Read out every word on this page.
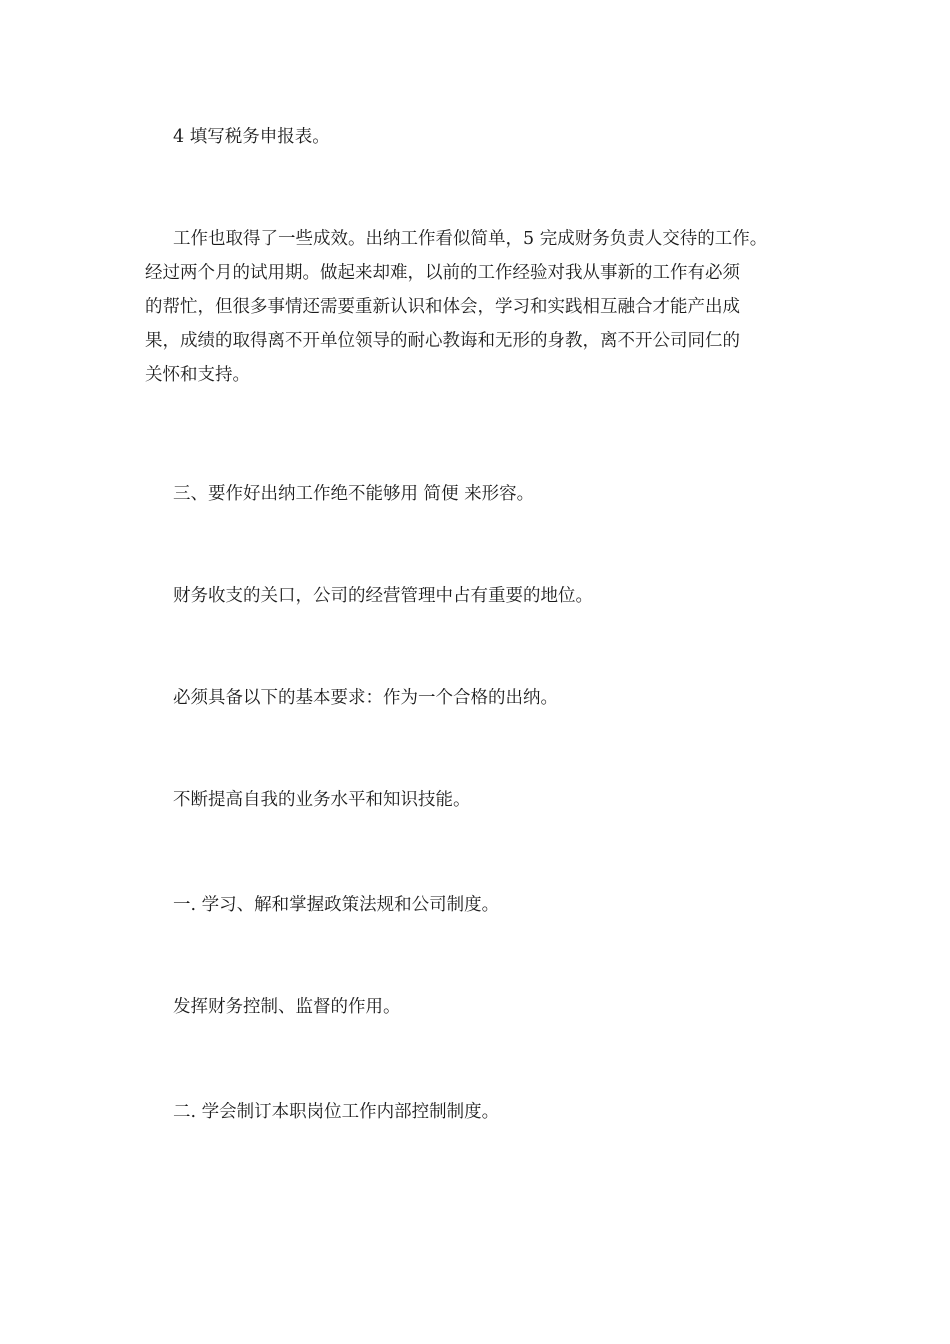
4 填写税务申报表。
工作也取得了一些成效。出纳工作看似简单，5 完成财务负责人交待的工作。
经过两个月的试用期。做起来却难，以前的工作经验对我从事新的工作有必须
的帮忙，但很多事情还需要重新认识和体会，学习和实践相互融合才能产出成
果，成绩的取得离不开单位领导的耐心教诲和无形的身教，离不开公司同仁的
关怀和支持。
三、要作好出纳工作绝不能够用 简便 来形容。
财务收支的关口，公司的经营管理中占有重要的地位。
必须具备以下的基本要求：作为一个合格的出纳。
不断提高自我的业务水平和知识技能。
一. 学习、解和掌握政策法规和公司制度。
发挥财务控制、监督的作用。
二. 学会制订本职岗位工作内部控制制度。
